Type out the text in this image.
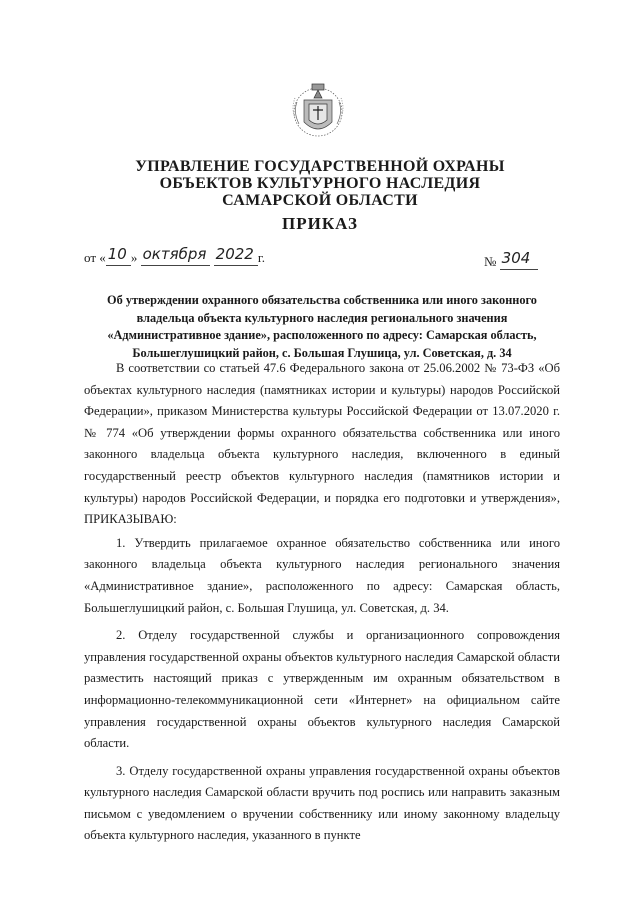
УПРАВЛЕНИЕ ГОСУДАРСТВЕННОЙ ОХРАНЫ
ОБЪЕКТОВ КУЛЬТУРНОГО НАСЛЕДИЯ
САМАРСКОЙ ОБЛАСТИ
ПРИКАЗ
от « 10 » октября 2022 г.	№ 304
Об утверждении охранного обязательства собственника или иного законного
владельца объекта культурного наследия регионального значения
«Административное здание», расположенного по адресу: Самарская область,
Большеглушицкий район, с. Большая Глушица, ул. Советская, д. 34

В соответствии со статьей 47.6 Федерального закона от 25.06.2002 № 73-ФЗ «Об объектах культурного наследия (памятниках истории и культуры) народов Российской Федерации», приказом Министерства культуры Российской Федерации от 13.07.2020 г. № 774 «Об утверждении формы охранного обязательства собственника или иного законного владельца объекта культурного наследия, включенного в единый государственный реестр объектов культурного наследия (памятников истории и культуры) народов Российской Федерации, и порядка его подготовки и утверждения», ПРИКАЗЫВАЮ:

1. Утвердить прилагаемое охранное обязательство собственника или иного законного владельца объекта культурного наследия регионального значения «Административное здание», расположенного по адресу: Самарская область, Большеглушицкий район, с. Большая Глушица, ул. Советская, д. 34.

2. Отделу государственной службы и организационного сопровождения управления государственной охраны объектов культурного наследия Самарской области разместить настоящий приказ с утвержденным им охранным обязательством в информационно-телекоммуникационной сети «Интернет» на официальном сайте управления государственной охраны объектов культурного наследия Самарской области.

3. Отделу государственной охраны управления государственной охраны объектов культурного наследия Самарской области вручить под роспись или направить заказным письмом с уведомлением о вручении собственнику или иному законному владельцу объекта культурного наследия, указанного в пункте
